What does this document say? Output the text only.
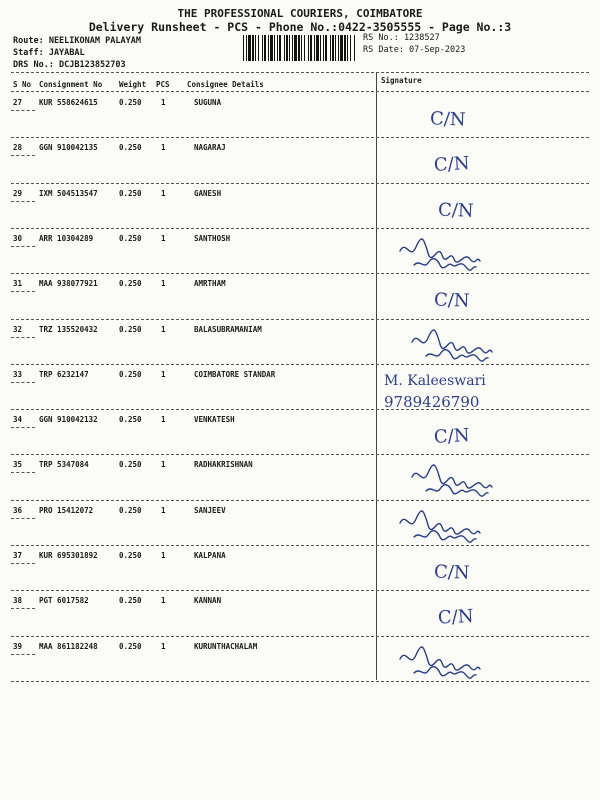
THE PROFESSIONAL COURIERS, COIMBATORE
Delivery Runsheet - PCS - Phone No.:0422-3505555 - Page No.:3
Route: NEELIKONAM PALAYAM
Staff: JAYABAL
DRS No.: DCJB123852703
RS No.: 1238527
RS Date: 07-Sep-2023
S No Consignment No Weight PCS Consignee Details	Signature
27 KUR 558624615	0.250	1	SUGUNA
C/N
28 GGN 910042135	0.250	1	NAGARAJ
C/N
29 IXM 504513547	0.250	1	GANESH
C/N
30 ARR 10304289	0.250	1	SANTHOSH
31 MAA 938077921	0.250	1	AMRTHAM
C/N
32 TRZ 135520432	0.250	1	BALASUBRAMANIAM
33 TRP 6232147	0.250	1	COIMBATORE STANDAR	M. Kaleeswari
9789426790
34 GGN 910042132	0.250	1	VENKATESH
C/N
35 TRP 5347084	0.250	1	RADHAKRISHNAN
36 PRO 15412072	0.250	1	SANJEEV
37 KUR 695301892	0.250	1	KALPANA
C/N
38 PGT 6017582	0.250	1	KANNAN
C/N
39 MAA 861182248	0.250	1	KURUNTHACHALAM
